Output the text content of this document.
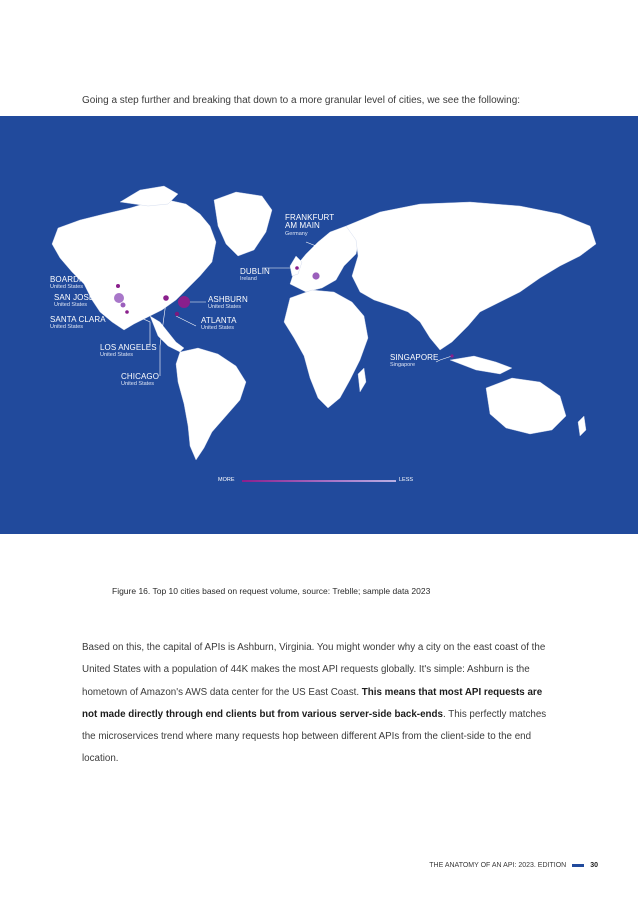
Going a step further and breaking that down to a more granular level of cities, we see the following:
BOARDMAN
United States
SAN JOSE
United States
SANTA CLARA
United States
LOS ANGELES
United States
CHICAGO
United States
ASHBURN
United States
ATLANTA
United States
DUBLIN
Ireland
FRANKFURT AM MAIN
Germany
SINGAPORE
Singapore
MORE	LESS
Figure 16. Top 10 cities based on request volume, source: Treblle; sample data 2023

Based on this, the capital of APIs is Ashburn, Virginia. You might wonder why a city on the east coast of the United States with a population of 44K makes the most API requests globally. It's simple: Ashburn is the hometown of Amazon's AWS data center for the US East Coast. This means that most API requests are not made directly through end clients but from various server-side back-ends. This perfectly matches the microservices trend where many requests hop between different APIs from the client-side to the end location.

THE ANATOMY OF AN API: 2023. EDITION	30
